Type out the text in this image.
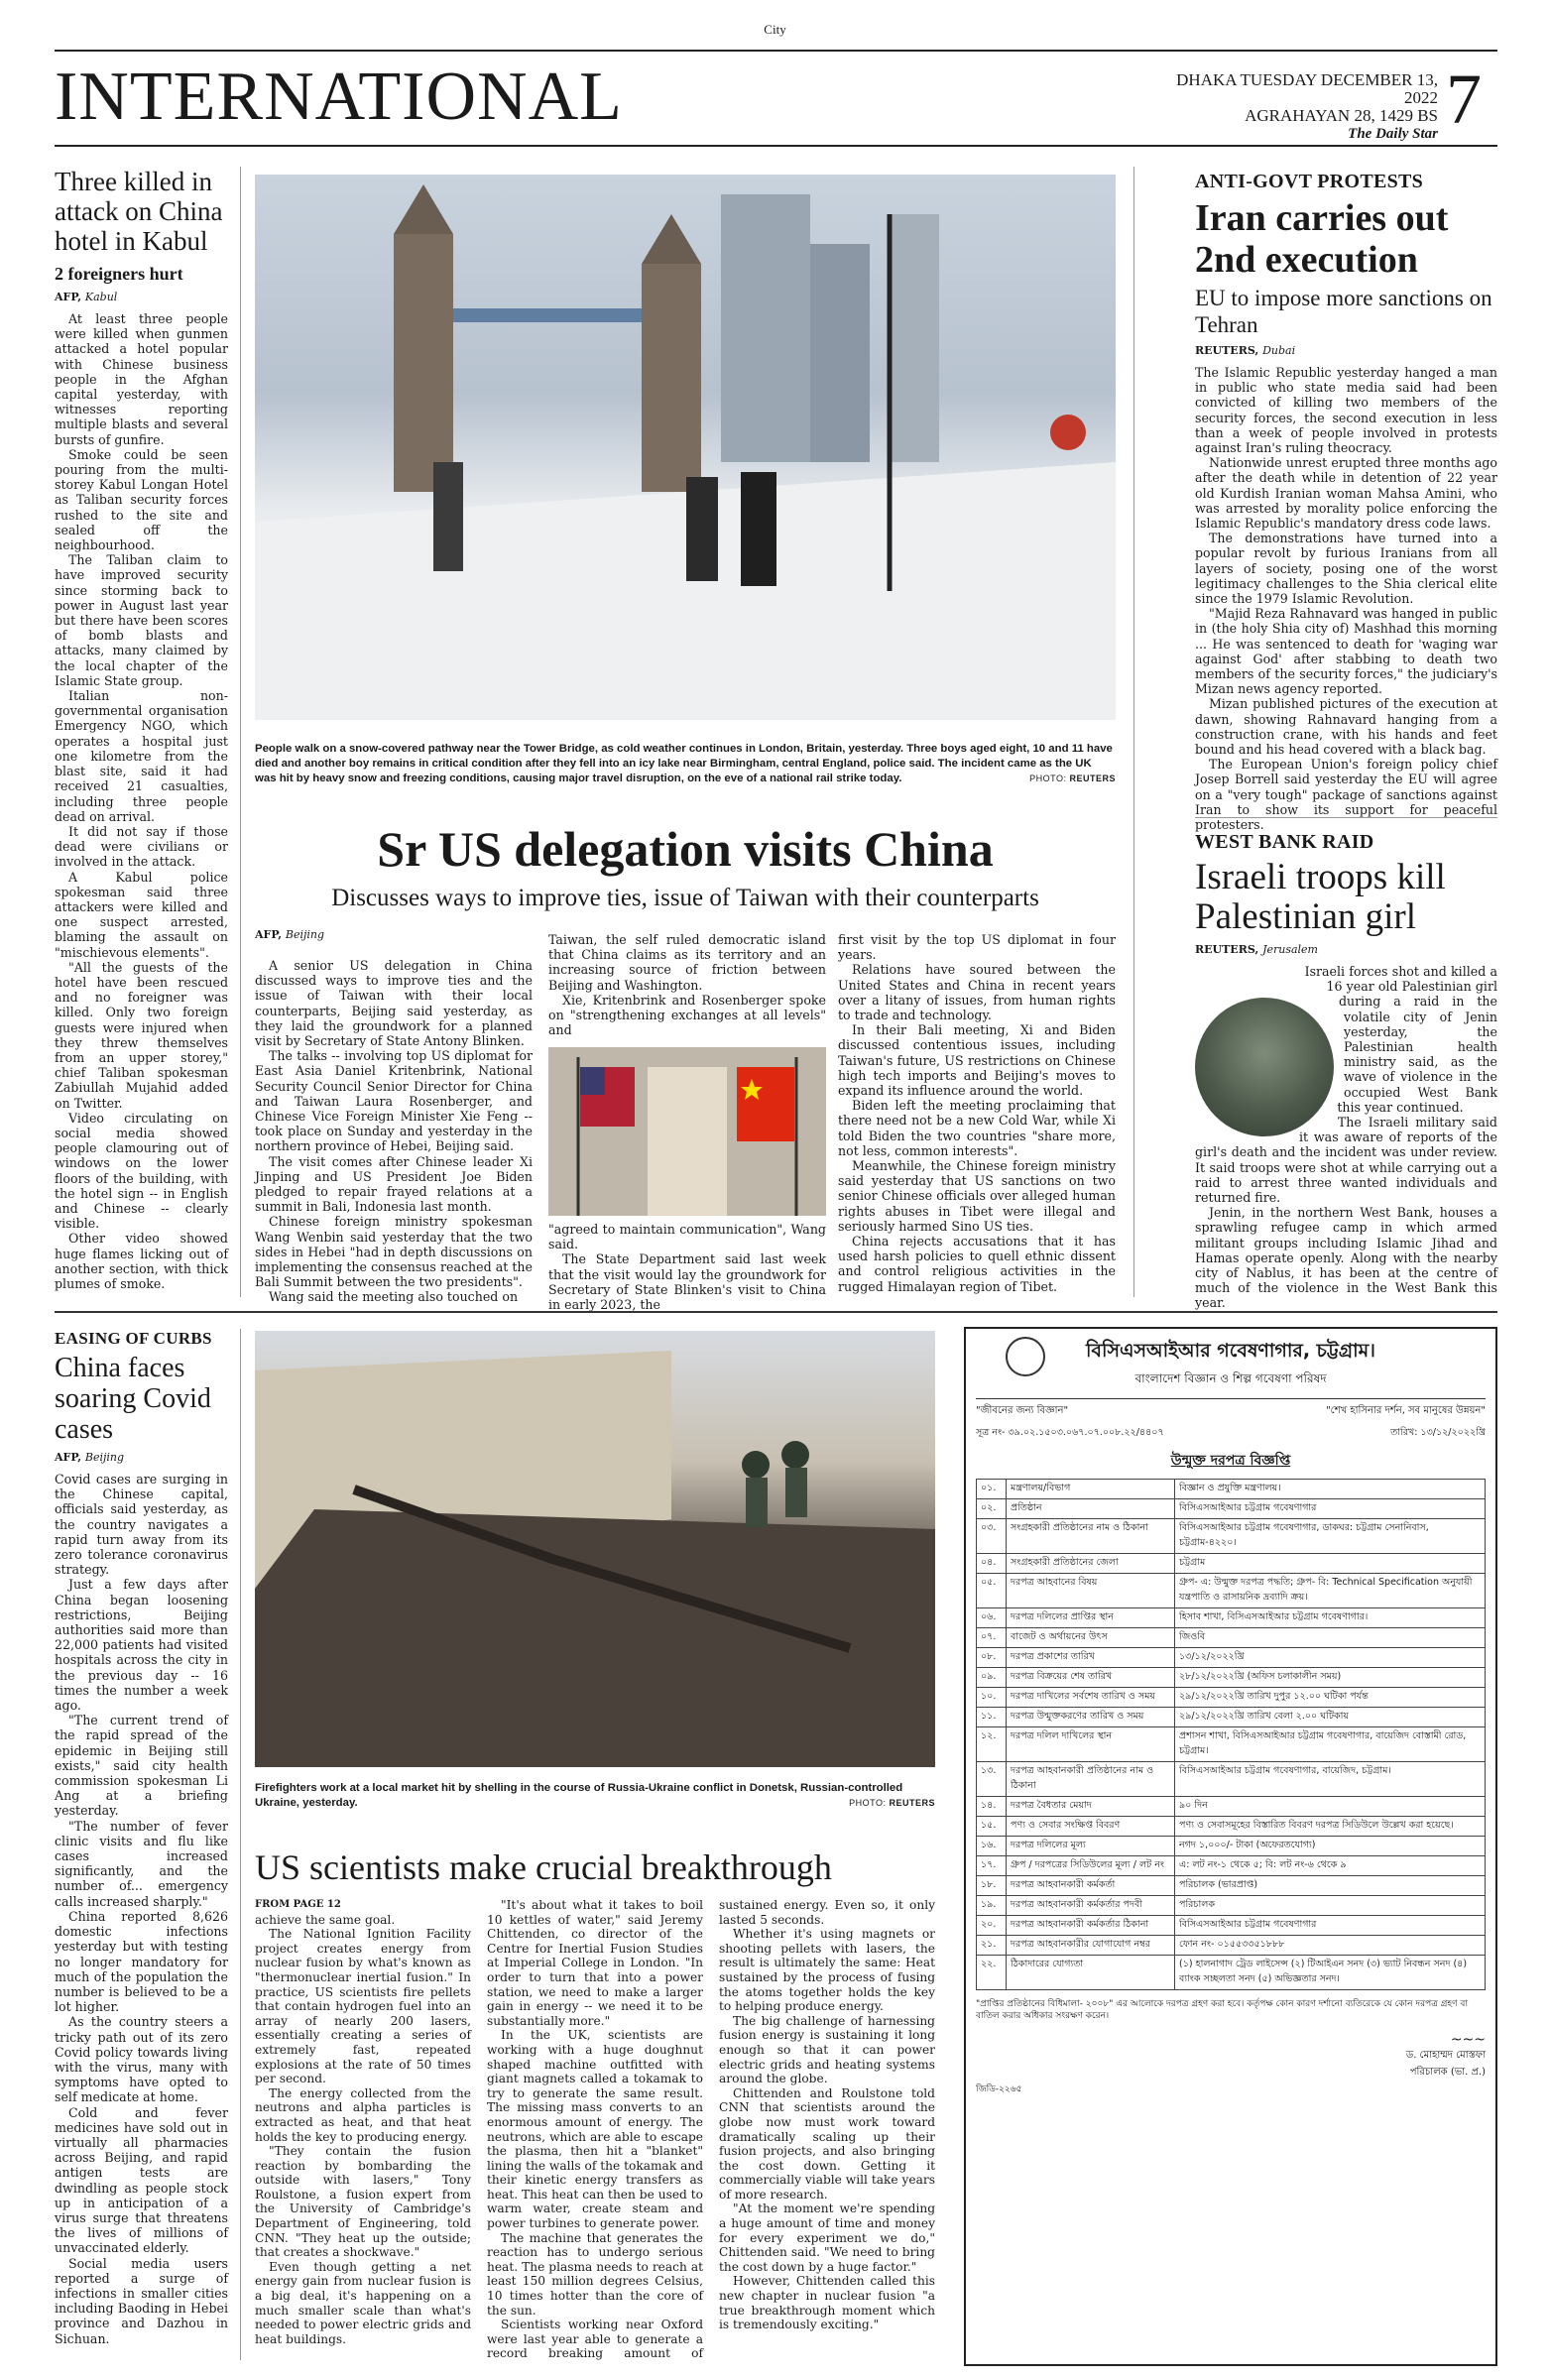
City
INTERNATIONAL	DHAKA TUESDAY DECEMBER 13, 2022
AGRAHAYAN 28, 1429 BS
The Daily Star 7
Three killed in attack on China hotel in Kabul
2 foreigners hurt
AFP, Kabul

At least three people were killed when gunmen attacked a hotel popular with Chinese business people in the Afghan capital yesterday, with witnesses reporting multiple blasts and several bursts of gunfire.

Smoke could be seen pouring from the multi-storey Kabul Longan Hotel as Taliban security forces rushed to the site and sealed off the neighbourhood.

The Taliban claim to have improved security since storming back to power in August last year but there have been scores of bomb blasts and attacks, many claimed by the local chapter of the Islamic State group.

Italian non-governmental organisation Emergency NGO, which operates a hospital just one kilometre from the blast site, said it had received 21 casualties, including three people dead on arrival.

It did not say if those dead were civilians or involved in the attack.

A Kabul police spokesman said three attackers were killed and one suspect arrested, blaming the assault on "mischievous elements".

"All the guests of the hotel have been rescued and no foreigner was killed. Only two foreign guests were injured when they threw themselves from an upper storey," chief Taliban spokesman Zabiullah Mujahid added on Twitter.

Video circulating on social media showed people clamouring out of windows on the lower floors of the building, with the hotel sign -- in English and Chinese -- clearly visible.

Other video showed huge flames licking out of another section, with thick plumes of smoke.

People walk on a snow-covered pathway near the Tower Bridge, as cold weather continues in London, Britain, yesterday. Three boys aged eight, 10 and 11 have died and another boy remains in critical condition after they fell into an icy lake near Birmingham, central England, police said. The incident came as the UK was hit by heavy snow and freezing conditions, causing major travel disruption, on the eve of a national rail strike today.	PHOTO: REUTERS
Sr US delegation visits China
Discusses ways to improve ties, issue of Taiwan with their counterparts
AFP, Beijing

A senior US delegation in China discussed ways to improve ties and the issue of Taiwan with their local counterparts, Beijing said yesterday, as they laid the groundwork for a planned visit by Secretary of State Antony Blinken.

The talks -- involving top US diplomat for East Asia Daniel Kritenbrink, National Security Council Senior Director for China and Taiwan Laura Rosenberger, and Chinese Vice Foreign Minister Xie Feng -- took place on Sunday and yesterday in the northern province of Hebei, Beijing said.

The visit comes after Chinese leader Xi Jinping and US President Joe Biden pledged to repair frayed relations at a summit in Bali, Indonesia last month.

Chinese foreign ministry spokesman Wang Wenbin said yesterday that the two sides in Hebei "had in depth discussions on implementing the consensus reached at the Bali Summit between the two presidents".

Wang said the meeting also touched on

Taiwan, the self ruled democratic island that China claims as its territory and an increasing source of friction between Beijing and Washington.

Xie, Kritenbrink and Rosenberger spoke on "strengthening exchanges at all levels" and

"agreed to maintain communication", Wang said.

The State Department said last week that the visit would lay the groundwork for Secretary of State Blinken's visit to China in early 2023, the

first visit by the top US diplomat in four years.

Relations have soured between the United States and China in recent years over a litany of issues, from human rights to trade and technology.

In their Bali meeting, Xi and Biden discussed contentious issues, including Taiwan's future, US restrictions on Chinese high tech imports and Beijing's moves to expand its influence around the world.

Biden left the meeting proclaiming that there need not be a new Cold War, while Xi told Biden the two countries "share more, not less, common interests".

Meanwhile, the Chinese foreign ministry said yesterday that US sanctions on two senior Chinese officials over alleged human rights abuses in Tibet were illegal and seriously harmed Sino US ties.

China rejects accusations that it has used harsh policies to quell ethnic dissent and control religious activities in the rugged Himalayan region of Tibet.

ANTI-GOVT PROTESTS
Iran carries out 2nd execution
EU to impose more sanctions on Tehran
REUTERS, Dubai

The Islamic Republic yesterday hanged a man in public who state media said had been convicted of killing two members of the security forces, the second execution in less than a week of people involved in protests against Iran's ruling theocracy.

Nationwide unrest erupted three months ago after the death while in detention of 22 year old Kurdish Iranian woman Mahsa Amini, who was arrested by morality police enforcing the Islamic Republic's mandatory dress code laws.

The demonstrations have turned into a popular revolt by furious Iranians from all layers of society, posing one of the worst legitimacy challenges to the Shia clerical elite since the 1979 Islamic Revolution.

"Majid Reza Rahnavard was hanged in public in (the holy Shia city of) Mashhad this morning ... He was sentenced to death for 'waging war against God' after stabbing to death two members of the security forces," the judiciary's Mizan news agency reported.

Mizan published pictures of the execution at dawn, showing Rahnavard hanging from a construction crane, with his hands and feet bound and his head covered with a black bag.

The European Union's foreign policy chief Josep Borrell said yesterday the EU will agree on a "very tough" package of sanctions against Iran to show its support for peaceful protesters.

WEST BANK RAID
Israeli troops kill Palestinian girl
REUTERS, Jerusalem

Israeli forces shot and killed a 16 year old Palestinian girl during a raid in the volatile city of Jenin yesterday, the Palestinian health ministry said, as the wave of violence in the occupied West Bank this year continued.

The Israeli military said it was aware of reports of the girl's death and the incident was under review. It said troops were shot at while carrying out a raid to arrest three wanted individuals and returned fire.

Jenin, in the northern West Bank, houses a sprawling refugee camp in which armed militant groups including Islamic Jihad and Hamas operate openly. Along with the nearby city of Nablus, it has been at the centre of much of the violence in the West Bank this year.

EASING OF CURBS
China faces soaring Covid cases
AFP, Beijing

Covid cases are surging in the Chinese capital, officials said yesterday, as the country navigates a rapid turn away from its zero tolerance coronavirus strategy.

Just a few days after China began loosening restrictions, Beijing authorities said more than 22,000 patients had visited hospitals across the city in the previous day -- 16 times the number a week ago.

"The current trend of the rapid spread of the epidemic in Beijing still exists," said city health commission spokesman Li Ang at a briefing yesterday.

"The number of fever clinic visits and flu like cases increased significantly, and the number of... emergency calls increased sharply."

China reported 8,626 domestic infections yesterday but with testing no longer mandatory for much of the population the number is believed to be a lot higher.

As the country steers a tricky path out of its zero Covid policy towards living with the virus, many with symptoms have opted to self medicate at home.

Cold and fever medicines have sold out in virtually all pharmacies across Beijing, and rapid antigen tests are dwindling as people stock up in anticipation of a virus surge that threatens the lives of millions of unvaccinated elderly.

Social media users reported a surge of infections in smaller cities including Baoding in Hebei province and Dazhou in Sichuan.

Firefighters work at a local market hit by shelling in the course of Russia-Ukraine conflict in Donetsk, Russian-controlled Ukraine, yesterday.	PHOTO: REUTERS
US scientists make crucial breakthrough
FROM PAGE 12

achieve the same goal.

The National Ignition Facility project creates energy from nuclear fusion by what's known as "thermonuclear inertial fusion." In practice, US scientists fire pellets that contain hydrogen fuel into an array of nearly 200 lasers, essentially creating a series of extremely fast, repeated explosions at the rate of 50 times per second.

The energy collected from the neutrons and alpha particles is extracted as heat, and that heat holds the key to producing energy.

"They contain the fusion reaction by bombarding the outside with lasers," Tony Roulstone, a fusion expert from the University of Cambridge's Department of Engineering, told CNN. "They heat up the outside; that creates a shockwave."

Even though getting a net energy gain from nuclear fusion is a big deal, it's happening on a much smaller scale than what's needed to power electric grids and heat buildings.

"It's about what it takes to boil 10 kettles of water," said Jeremy Chittenden, co director of the Centre for Inertial Fusion Studies at Imperial College in London. "In order to turn that into a power station, we need to make a larger gain in energy -- we need it to be substantially more."

In the UK, scientists are working with a huge doughnut shaped machine outfitted with giant magnets called a tokamak to try to generate the same result. The missing mass converts to an enormous amount of energy. The neutrons, which are able to escape the plasma, then hit a "blanket" lining the walls of the tokamak and their kinetic energy transfers as heat. This heat can then be used to warm water, create steam and power turbines to generate power.

The machine that generates the reaction has to undergo serious heat. The plasma needs to reach at least 150 million degrees Celsius, 10 times hotter than the core of the sun.

Scientists working near Oxford were last year able to generate a record breaking amount of sustained energy. Even so, it only lasted 5 seconds.

Whether it's using magnets or shooting pellets with lasers, the result is ultimately the same: Heat sustained by the process of fusing the atoms together holds the key to helping produce energy.

The big challenge of harnessing fusion energy is sustaining it long enough so that it can power electric grids and heating systems around the globe.

Chittenden and Roulstone told CNN that scientists around the globe now must work toward dramatically scaling up their fusion projects, and also bringing the cost down. Getting it commercially viable will take years of more research.

"At the moment we're spending a huge amount of time and money for every experiment we do," Chittenden said. "We need to bring the cost down by a huge factor."

However, Chittenden called this new chapter in nuclear fusion "a true breakthrough moment which is tremendously exciting."

বিসিএসআইআর গবেষণাগার, চট্টগ্রাম।
বাংলাদেশ বিজ্ঞান ও শিল্প গবেষণা পরিষদ
"জীবনের জন্য বিজ্ঞান"	"শেখ হাসিনার দর্শন, সব মানুষের উন্নয়ন"
সূত্র নং- ৩৯.০২.১৫০৩.০৬৭.০৭.০০৮.২২/৪৪০৭	তারিখ: ১৩/১২/২০২২খ্রি
উন্মুক্ত দরপত্র বিজ্ঞপ্তি
০১.	মন্ত্রণালয়/বিভাগ	বিজ্ঞান ও প্রযুক্তি মন্ত্রণালয়।
০২.	প্রতিষ্ঠান	বিসিএসআইআর চট্টগ্রাম গবেষণাগার
০৩.	সংগ্রহকারী প্রতিষ্ঠানের নাম ও ঠিকানা	বিসিএসআইআর চট্টগ্রাম গবেষণাগার, ডাকঘর: চট্টগ্রাম সেনানিবাস, চট্টগ্রাম-৪২২০।
০৪.	সংগ্রহকারী প্রতিষ্ঠানের জেলা	চট্টগ্রাম
০৫.	দরপত্র আহবানের বিষয়	গ্রুপ- এ: উন্মুক্ত দরপত্র পদ্ধতি; গ্রুপ- বি: Technical Specification অনুযায়ী যন্ত্রপাতি ও রাসায়নিক দ্রব্যাদি ক্রয়।
০৬.	দরপত্র দলিলের প্রাপ্তির স্থান	হিসাব শাখা, বিসিএসআইআর চট্টগ্রাম গবেষণাগার।
০৭.	বাজেট ও অর্থায়নের উৎস	জিওবি
০৮.	দরপত্র প্রকাশের তারিখ	১৩/১২/২০২২খ্রি
০৯.	দরপত্র বিক্রয়ের শেষ তারিখ	২৮/১২/২০২২খ্রি (অফিস চলাকালীন সময়)
১০.	দরপত্র দাখিলের সর্বশেষ তারিখ ও সময়	২৯/১২/২০২২খ্রি তারিখ দুপুর ১২.০০ ঘটিকা পর্যন্ত
১১.	দরপত্র উন্মুক্তকরণের তারিখ ও সময়	২৯/১২/২০২২খ্রি তারিখ বেলা ২.০০ ঘটিকায়
১২.	দরপত্র দলিল দাখিলের স্থান	প্রশাসন শাখা, বিসিএসআইআর চট্টগ্রাম গবেষণাগার, বায়েজিদ বোস্তামী রোড, চট্টগ্রাম।
১৩.	দরপত্র আহবানকারী প্রতিষ্ঠানের নাম ও ঠিকানা	বিসিএসআইআর চট্টগ্রাম গবেষণাগার, বায়েজিদ, চট্টগ্রাম।
১৪.	দরপত্র বৈধতার মেয়াদ	৯০ দিন
১৫.	পণ্য ও সেবার সংক্ষিপ্ত বিবরণ	পণ্য ও সেবাসমূহের বিস্তারিত বিবরণ দরপত্র সিডিউলে উল্লেখ করা হয়েছে।
১৬.	দরপত্র দলিলের মূল্য	নগদ ১,০০০/- টাকা (অফেরতযোগ্য)
১৭.	গ্রুপ / দরপত্রের সিডিউলের মূল্য / লট নং	এ: লট নং-১ থেকে ৫; বি: লট নং-৬ থেকে ৯
১৮.	দরপত্র আহবানকারী কর্মকর্তা	পরিচালক (ভারপ্রাপ্ত)
১৯.	দরপত্র আহবানকারী কর্মকর্তার পদবী	পরিচালক
২০.	দরপত্র আহবানকারী কর্মকর্তার ঠিকানা	বিসিএসআইআর চট্টগ্রাম গবেষণাগার
২১.	দরপত্র আহবানকারীর যোগাযোগ নম্বর	ফোন নং- ০১৫৫৩৩৫১৮৮৮
২২.	ঠিকাদারের যোগ্যতা	(১) হালনাগাদ ট্রেড লাইসেন্স (২) টিআইএন সনদ (৩) ভ্যাট নিবন্ধন সনদ (৪) ব্যাংক সচ্ছলতা সনদ (৫) অভিজ্ঞতার সনদ।
"প্রাপ্তির প্রতিষ্ঠানের বিধিমালা- ২০০৮" এর আলোকে দরপত্র গ্রহণ করা হবে। কর্তৃপক্ষ কোন কারণ দর্শানো ব্যতিরেকে যে কোন দরপত্র গ্রহণ বা বাতিল করার অধিকার সংরক্ষণ করেন।
~~~
ড. মোহাম্মদ মোস্তফা
পরিচালক (ভা. প্র.)
জিডি-২২৬৫
